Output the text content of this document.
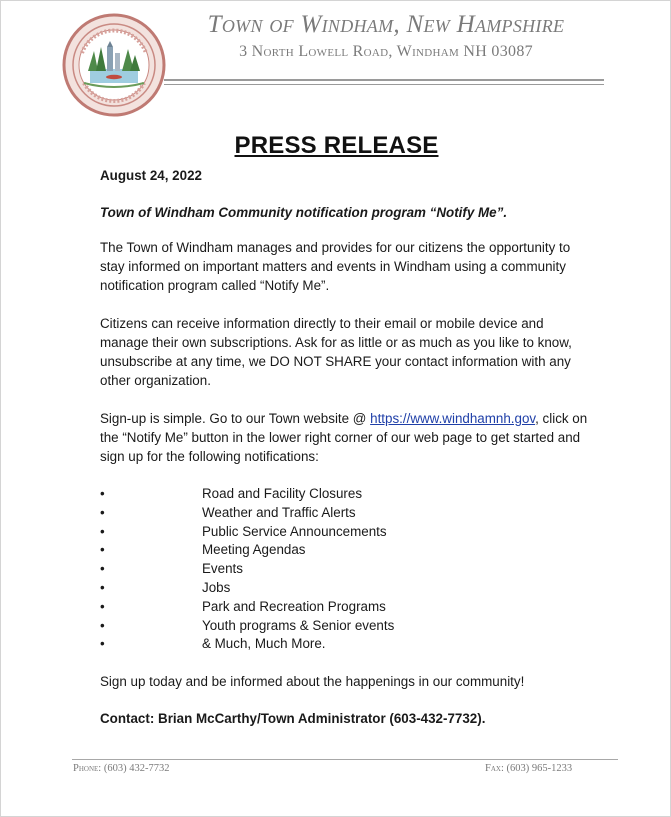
Town of Windham, New Hampshire
3 North Lowell Road, Windham NH 03087
PRESS RELEASE
August 24, 2022
Town of Windham Community notification program “Notify Me”.
The Town of Windham manages and provides for our citizens the opportunity to stay informed on important matters and events in Windham using a community notification program called “Notify Me”.
Citizens can receive information directly to their email or mobile device and manage their own subscriptions. Ask for as little or as much as you like to know, unsubscribe at any time, we DO NOT SHARE your contact information with any other organization.
Sign-up is simple. Go to our Town website @ https://www.windhamnh.gov, click on the “Notify Me” button in the lower right corner of our web page to get started and sign up for the following notifications:
•	Road and Facility Closures
•	Weather and Traffic Alerts
•	Public Service Announcements
•	Meeting Agendas
•	Events
•	Jobs
•	Park and Recreation Programs
•	Youth programs & Senior events
•	& Much, Much More.
Sign up today and be informed about the happenings in our community!
Contact: Brian McCarthy/Town Administrator (603-432-7732).
Phone: (603) 432-7732	Fax: (603) 965-1233
